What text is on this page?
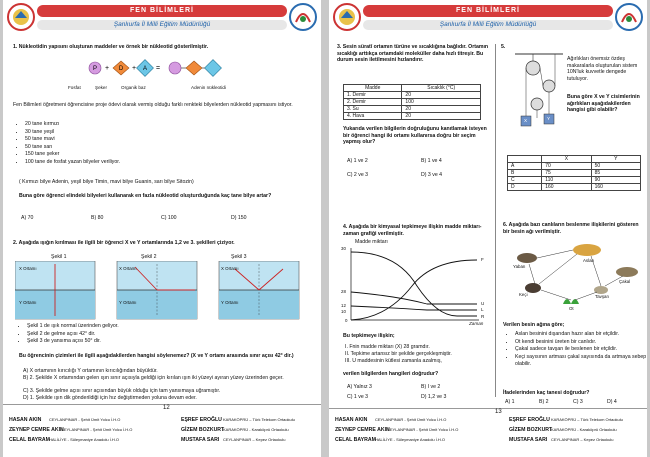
FEN BİLİMLERİ
Şanlıurfa İl Milli Eğitim Müdürlüğü
1. Nükleotidin yapısını oluşturan maddeler ve örnek bir nükleotid gösterilmiştir.
P + D + A =
Fosfat	Şeker	Organik baz	Adenin nükleotidi
Fen Bilimleri öğretmeni öğrencisine proje ödevi olarak vermiş olduğu farklı renkteki bilyelerden nükleotid yapmasını istiyor.
• 20 tane kırmızı
• 30 tane yeşil
• 50 tane mavi
• 50 tane sarı
• 150 tane şeker
• 100 tane de fosfat yazan bilyeler veriliyor.
( Kırmızı bilye Adenin, yeşil bilye Timin, mavi bilye Guanin, sarı bilye Sitozin)
Buna göre öğrenci elindeki bilyeleri kullanarak en fazla nükleotid oluşturduğunda kaç tane bilye artar?
A) 70	B) 80	C) 100	D) 150
2. Aşağıda ışığın kırılması ile ilgili bir öğrenci X ve Y ortamlarında 1,2 ve 3. şekilleri çiziyor.
Şekil 1	Şekil 2	Şekil 3
X Ortamı
Y Ortamı
X Ortamı
Y Ortamı
X Ortamı
Y Ortamı
• Şekil 1 de ışık normal üzerinden geliyor.
• Şekil 2 de gelme açısı 42° dir.
• Şekil 3 de yansıma açısı 50° dir.
Bu öğrencinin çizimleri ile ilgili aşağıdakilerden hangisi söylenemez? (X ve Y ortamı arasında sınır açısı 42° dir.)
A) X ortamının kırıcılığı Y ortamının kırıcılığından büyüktür.
B) 2. Şekilde X ortamından gelen ışın sınır açısıyla geldiği için kırılan ışın iki yüzeyi ayıran yüzey üzerinden geçer.
C) 3. Şekilde gelme açısı sınır açısından büyük olduğu için tam yansımaya uğramıştır.
D) 1. Şekilde ışın dik gönderildiği için hız değiştirmeden yoluna devam eder.
12
HASAN AKIN CEYLANPINAR - Şehit Ümit Yolcu İ.H.O	EŞREF EROĞLU KARAKÖPRÜ – Türk Telekom Ortaokulu
ZEYNEP CEMRE AKIN
CEYLANPINAR - Şehit Ümit Yolcu İ.H.O	GİZEM BOZKURT
KARAKÖPRÜ - Karaköprü Ortaokulu
CELAL BAYRAM HALİLİYE - Süleymaniye Anadolu İ.H.O	MUSTAFA SARI CEYLANPINAR – Kepez Ortaokulu
FEN BİLİMLERİ
Şanlıurfa İl Milli Eğitim Müdürlüğü
3. Sesin süratî ortamın türüne ve sıcaklığına bağlıdır. Ortamın sıcaklığı arttıkça ortamdaki moleküller daha hızlı titreşir. Bu durum sesin iletilmesini hızlandırır.
Madde	Sıcaklık (°C)
1. Demir	20
2. Demir	100
3. Su	20
4. Hava	20
Yukarıda verilen bilgilerin doğruluğunu kanıtlamak isteyen bir öğrenci hangi iki ortamı kullanırsa doğru bir seçim yapmış olur?
A) 1 ve 2	B) 1 ve 4
C) 2 ve 3	D) 3 ve 4
4. Aşağıda bir kimyasal tepkimeye ilişkin madde miktarı-zaman grafiği verilmiştir.
Madde miktarı
30
28
12
10
0
F
U
L
R
Zaman
Bu tepkimeye ilişkin;
I. Fnin madde miktarı (X) 28 gramdır.
II. Tepkime artansız bir şekilde gerçekleşmiştir.
III. U maddesinin kütlesi zamanla azalmış,
verilen bilgilerden hangileri doğrudur?
A) Yalnız 3	B) I ve 2
C) 1 ve 3	D) 1,2 ve 3
5.
X	Y
Ağırlıkları önemsiz özdeş makaralarla oluşturulan sistem 10N'luk kuvvetle dengede tutuluyor.
Buna göre X ve Y cisimlerinin ağırlıkları aşağıdakilerden hangisi gibi olabilir?
	X	Y
A	70	50
B	75	85
C	110	90
D	160	160
6. Aşağıda bazı canlıların beslenme ilişkilerini gösteren bir besin ağı verilmiştir.
Aslan
Yaban
Çakal
Keçi	Tavşan
Ot
Verilen besin ağına göre;
• Aslan besinini dışarıdan hazır alan bir etçildir.
• Ot kendi besinini üreten bir canlıdır.
• Çakal sadece tavşan ile beslenen bir etçildir.
• Keçi sayısının artması çakal sayısında da artmaya sebep olabilir.
İfadelerinden kaç tanesi doğrudur?
A) 1	B) 2	C) 3	D) 4
13
HASAN AKIN CEYLANPINAR - Şehit Ümit Yolcu İ.H.O	EŞREF EROĞLU KARAKÖPRÜ – Türk Telekom Ortaokulu
ZEYNEP CEMRE AKIN
CEYLANPINAR - Şehit Ümit Yolcu İ.H.O	GİZEM BOZKURT
KARAKÖPRÜ - Karaköprü Ortaokulu
CELAL BAYRAM HALİLİYE - Süleymaniye Anadolu İ.H.O	MUSTAFA SARI CEYLANPINAR – Kepez Ortaokulu
